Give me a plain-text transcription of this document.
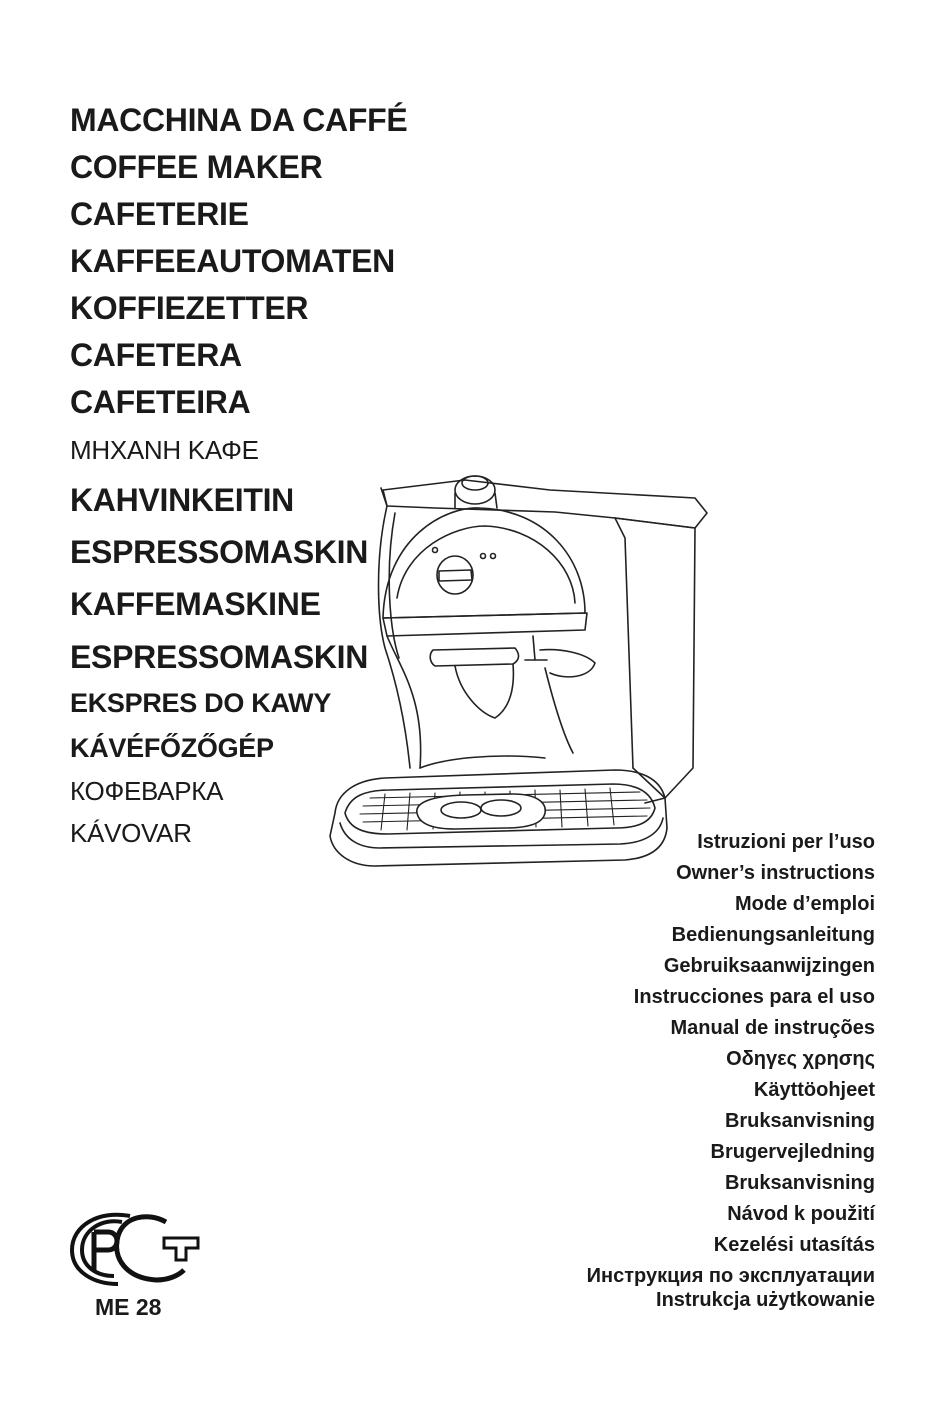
MACCHINA DA CAFFÉ
COFFEE MAKER
CAFETERIE
KAFFEEAUTOMATEN
KOFFIEZETTER
CAFETERA
CAFETEIRA
ΜΗΧΑΝΗ ΚΑΦΕ
KAHVINKEITIN
ESPRESSOMASKIN
KAFFEMASKINE
ESPRESSOMASKIN
EKSPRES DO KAWY
KÁVÉFŐZŐGÉP
КОФЕВАРКА
KÁVOVAR	Istruzioni per l’uso
Owner’s instructions
Mode d’emploi
Bedienungsanleitung
Gebruiksaanwijzingen
Instrucciones para el uso
Manual de instruções
Οδηγες χρησης
Käyttöohjeet
Bruksanvisning
Brugervejledning
Bruksanvisning
Návod k použití
Kezelési utasítás
Инструкция по эксплуатации
Instrukcja użytkowanie
ME 28
